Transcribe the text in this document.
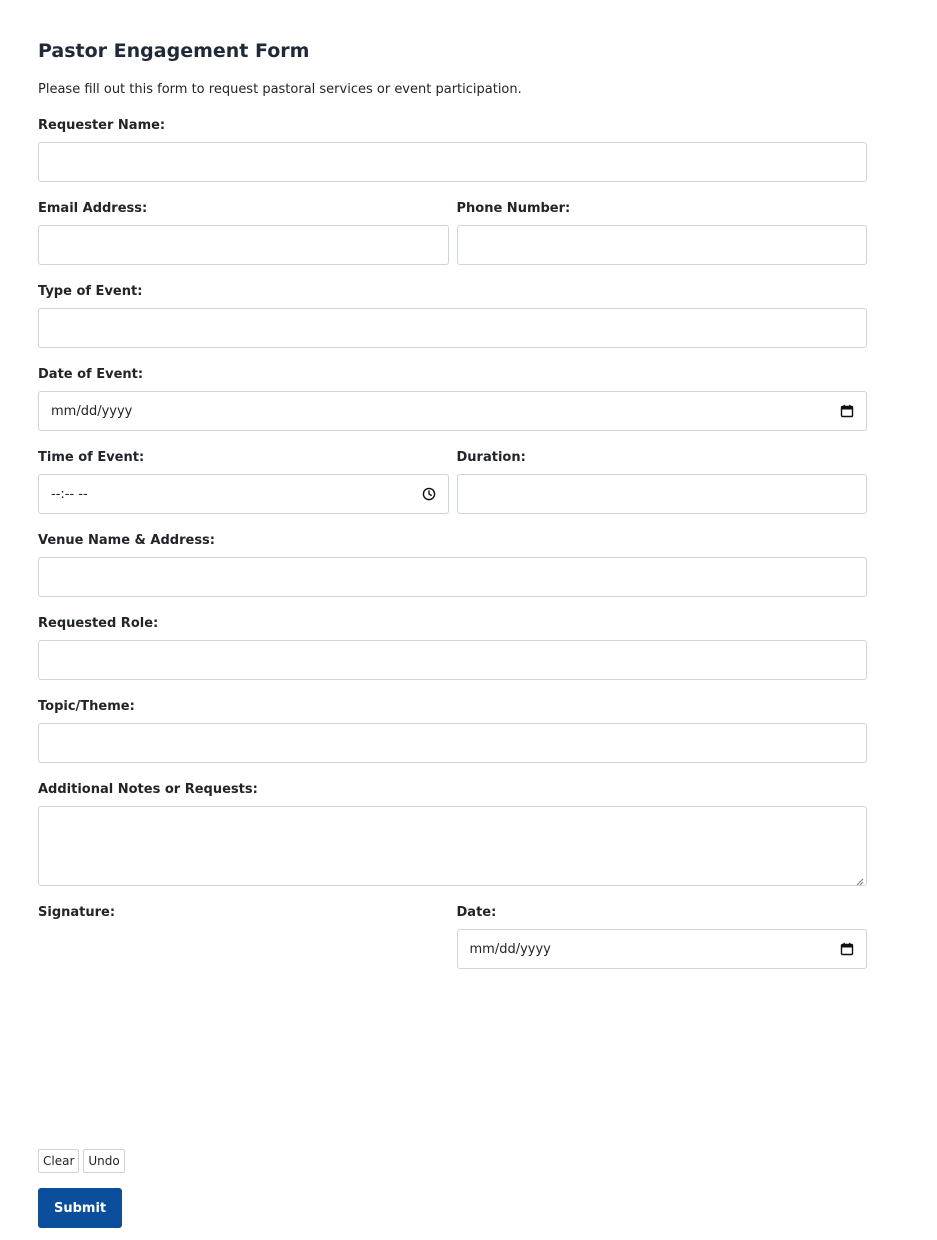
Pastor Engagement Form

Please fill out this form to request pastoral services or event participation.

Requester Name:
Email Address:	Phone Number:
Type of Event:
Date of Event:
mm/dd/yyyy
Time of Event:
--:-- --
Duration:
Venue Name & Address:
Requested Role:
Topic/Theme:
Additional Notes or Requests:
Signature:	Date:
mm/dd/yyyy
Clear	Undo
Submit
